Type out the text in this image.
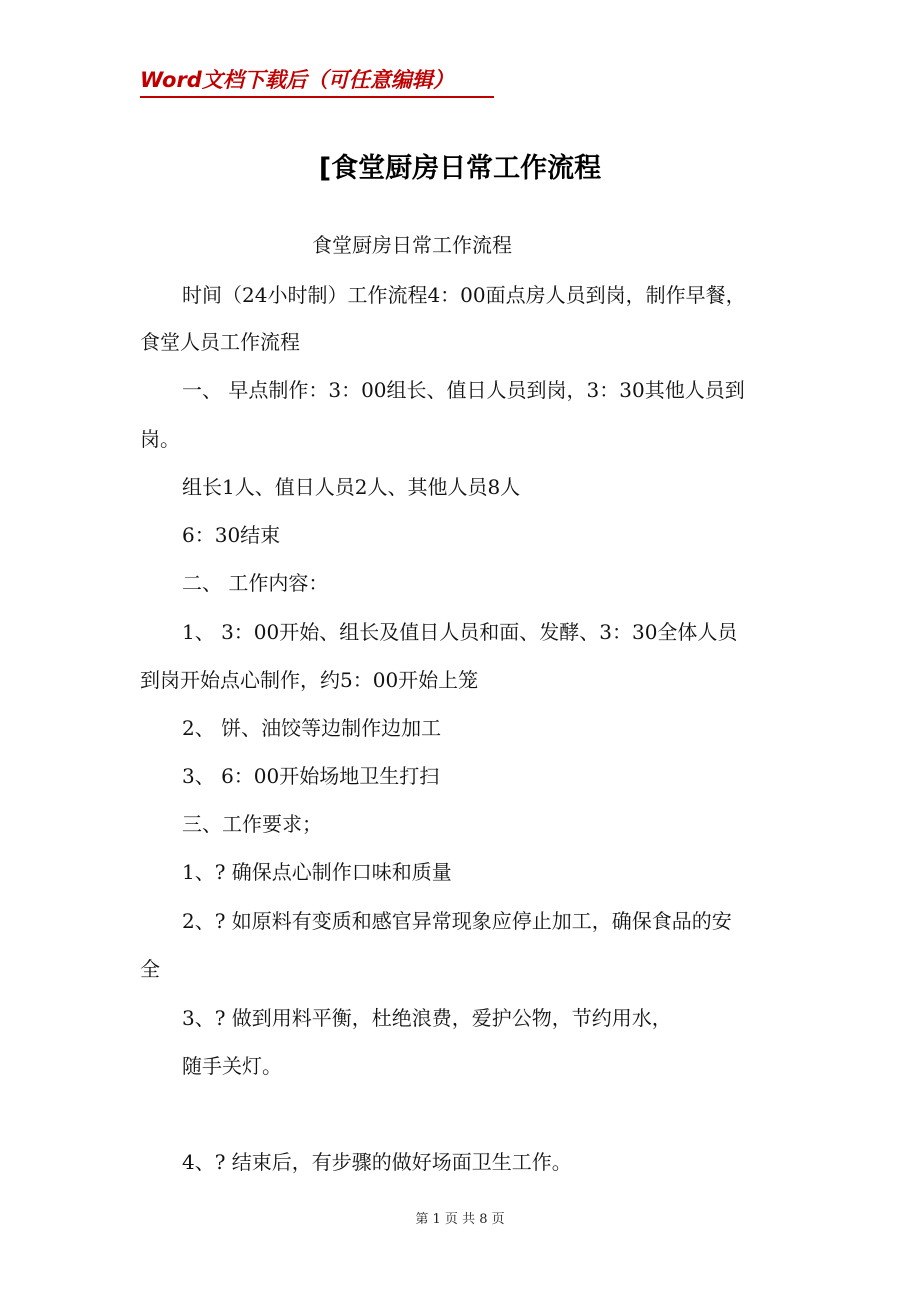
Word文档下载后（可任意编辑）
[食堂厨房日常工作流程
食堂厨房日常工作流程
时间（24小时制）工作流程4：00面点房人员到岗，制作早餐，
食堂人员工作流程
一、 早点制作：3：00组长、值日人员到岗，3：30其他人员到
岗。
组长1人、值日人员2人、其他人员8人
6：30结束
二、 工作内容：
1、 3：00开始、组长及值日人员和面、发酵、3：30全体人员
到岗开始点心制作，约5：00开始上笼
2、 饼、油饺等边制作边加工
3、 6：00开始场地卫生打扫
三、工作要求；
1、? 确保点心制作口味和质量
2、? 如原料有变质和感官异常现象应停止加工，确保食品的安
全
3、? 做到用料平衡，杜绝浪费，爱护公物，节约用水，
随手关灯。
4、? 结束后，有步骤的做好场面卫生工作。
第 1 页 共 8 页
